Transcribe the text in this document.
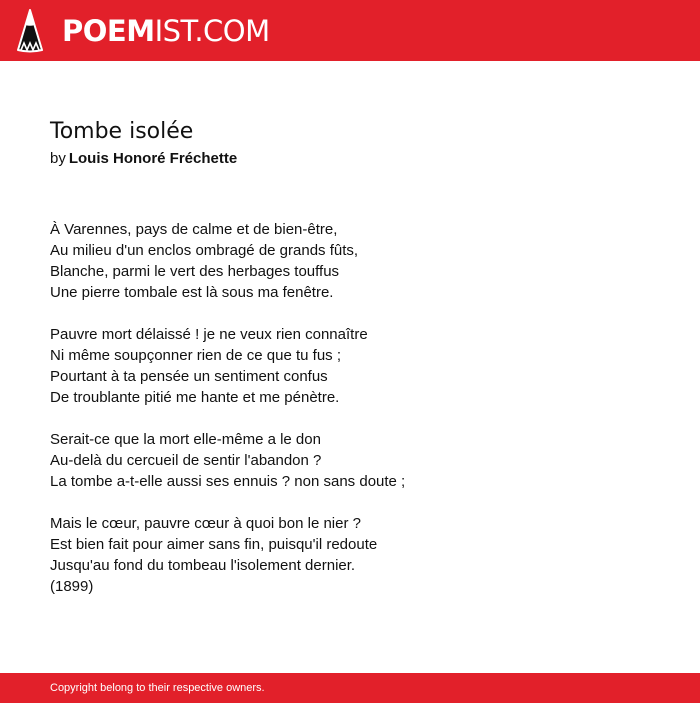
POEMIST.COM
Tombe isolée
by Louis Honoré Fréchette
À Varennes, pays de calme et de bien-être,
Au milieu d'un enclos ombragé de grands fûts,
Blanche, parmi le vert des herbages touffus
Une pierre tombale est là sous ma fenêtre.
Pauvre mort délaissé ! je ne veux rien connaître
Ni même soupçonner rien de ce que tu fus ;
Pourtant à ta pensée un sentiment confus
De troublante pitié me hante et me pénètre.
Serait-ce que la mort elle-même a le don
Au-delà du cercueil de sentir l'abandon ?
La tombe a-t-elle aussi ses ennuis ? non sans doute ;
Mais le cœur, pauvre cœur à quoi bon le nier ?
Est bien fait pour aimer sans fin, puisqu'il redoute
Jusqu'au fond du tombeau l'isolement dernier.
(1899)
Copyright belong to their respective owners.
